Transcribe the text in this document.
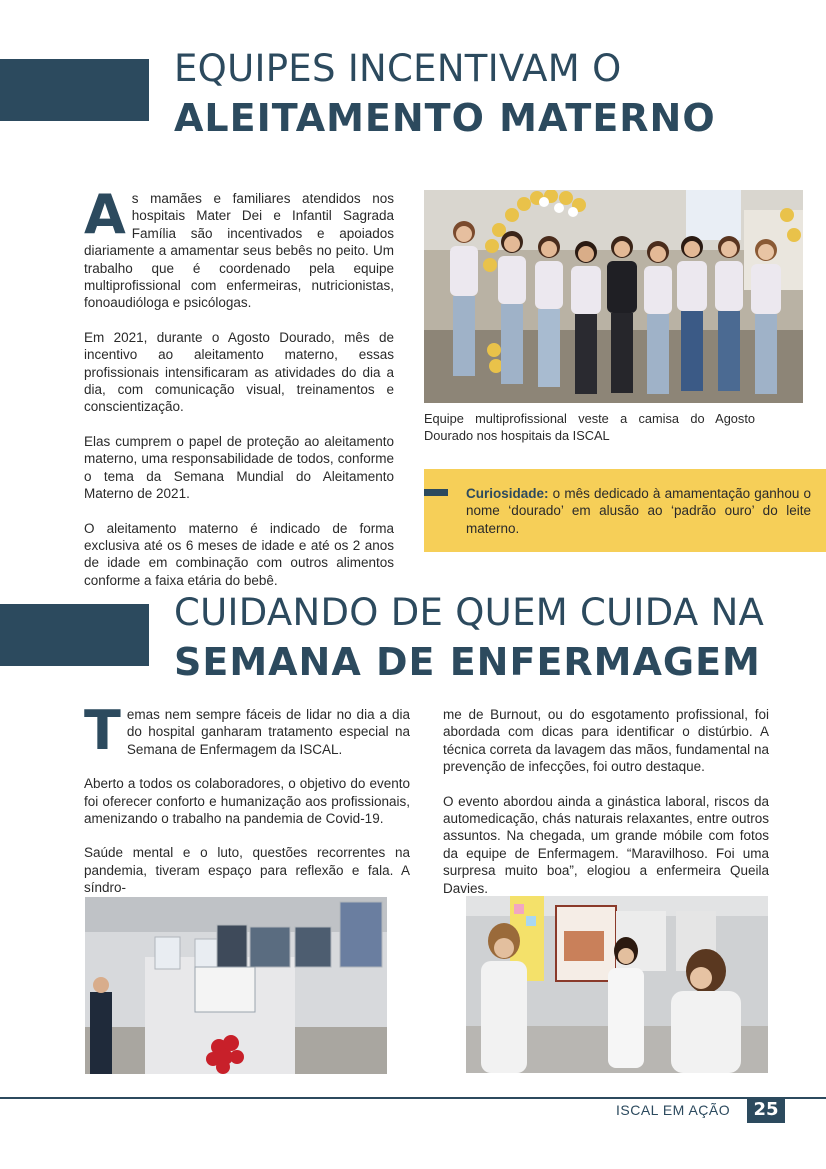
EQUIPES INCENTIVAM O
ALEITAMENTO MATERNO

As mamães e familiares atendidos nos hospitais Mater Dei e Infantil Sagrada Família são incentivados e apoiados diariamente a amamentar seus bebês no peito. Um trabalho que é coordenado pela equipe multiprofissional com enfermeiras, nutricionistas, fonoaudióloga e psicólogas.

Em 2021, durante o Agosto Dourado, mês de incentivo ao aleitamento materno, essas profissionais intensificaram as atividades do dia a dia, com comunicação visual, treinamentos e conscientização.

Elas cumprem o papel de proteção ao aleitamento materno, uma responsabilidade de todos, conforme o tema da Semana Mundial do Aleitamento Materno de 2021.

O aleitamento materno é indicado de forma exclusiva até os 6 meses de idade e até os 2 anos de idade em combinação com outros alimentos conforme a faixa etária do bebê.

Equipe multiprofissional veste a camisa do Agosto Dourado nos hospitais da ISCAL
Curiosidade: o mês dedicado à amamentação ganhou o nome ‘dourado’ em alusão ao ‘padrão ouro’ do leite materno.
CUIDANDO DE QUEM CUIDA NA
SEMANA DE ENFERMAGEM

Temas nem sempre fáceis de lidar no dia a dia do hospital ganharam tratamento especial na Semana de Enfermagem da ISCAL.

Aberto a todos os colaboradores, o objetivo do evento foi oferecer conforto e humanização aos profissionais, amenizando o trabalho na pandemia de Covid-19.

Saúde mental e o luto, questões recorrentes na pandemia, tiveram espaço para reflexão e fala. A síndro-

me de Burnout, ou do esgotamento profissional, foi abordada com dicas para identificar o distúrbio. A técnica correta da lavagem das mãos, fundamental na prevenção de infecções, foi outro destaque.

O evento abordou ainda a ginástica laboral, riscos da automedicação, chás naturais relaxantes, entre outros assuntos. Na chegada, um grande móbile com fotos da equipe de Enfermagem. “Maravilhoso. Foi uma surpresa muito boa”, elogiou a enfermeira Queila Davies.

ISCAL EM AÇÃO	25
